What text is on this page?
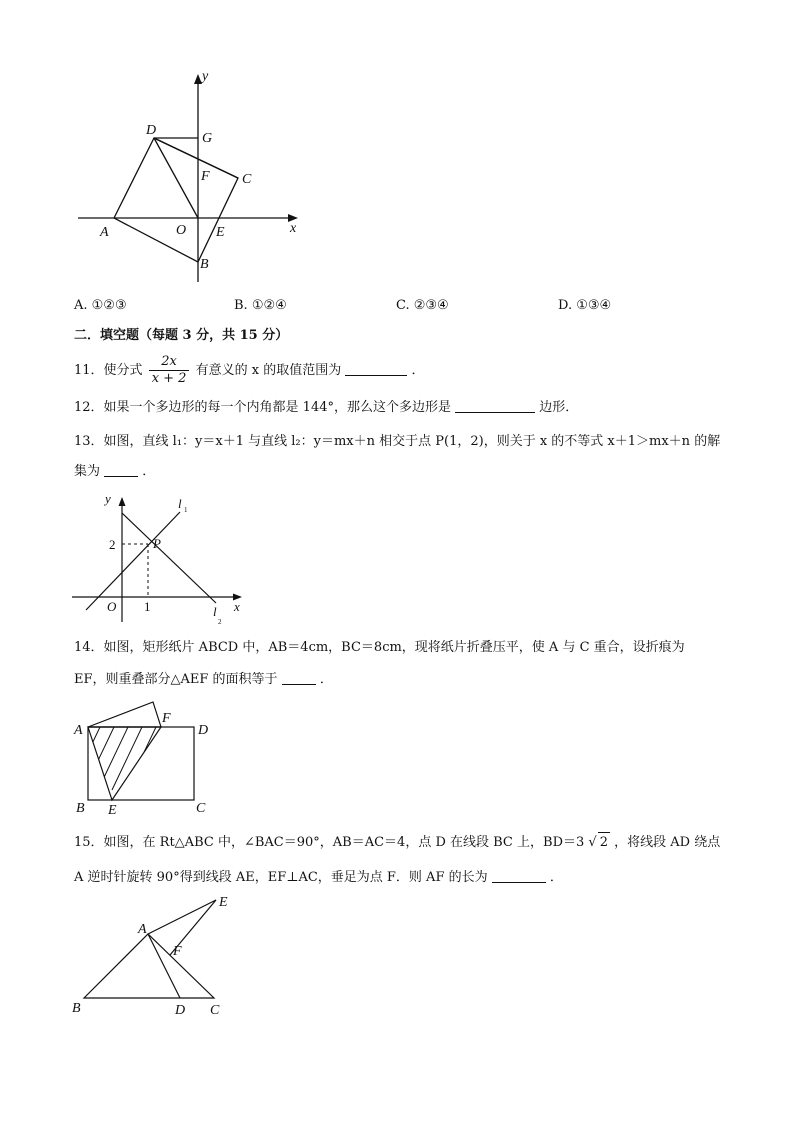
y
D
G
F C
A	O E	x
B
A. ①②③	B. ①②④	C. ②③④	D. ①③④
二．填空题（每题 3 分，共 15 分）
11．使分式 $\frac{2x}{x + 2}$ 有意义的 x 的取值范围为	．
12．如果一个多边形的每一个内角都是 144°，那么这个多边形是	边形．
13．如图，直线 l₁：y＝x＋1 与直线 l₂：y＝mx＋n 相交于点 P(1，2)，则关于 x 的不等式 x＋1＞mx＋n 的解
集为	．
y	l 1
2	P
O 1	l
2
x
14．如图，矩形纸片 ABCD 中，AB＝4cm，BC＝8cm，现将纸片折叠压平，使 A 与 C 重合，设折痕为
EF，则重叠部分△AEF 的面积等于	．
A
F
D
B E	C
15．如图，在 Rt△ABC 中，∠BAC＝90°，AB＝AC＝4，点 D 在线段 BC 上，BD＝3 √ 2 ，将线段 AD 绕点
A 逆时针旋转 90°得到线段 AE，EF⊥AC，垂足为点 F．则 AF 的长为	．
E
A
F
B	D C
